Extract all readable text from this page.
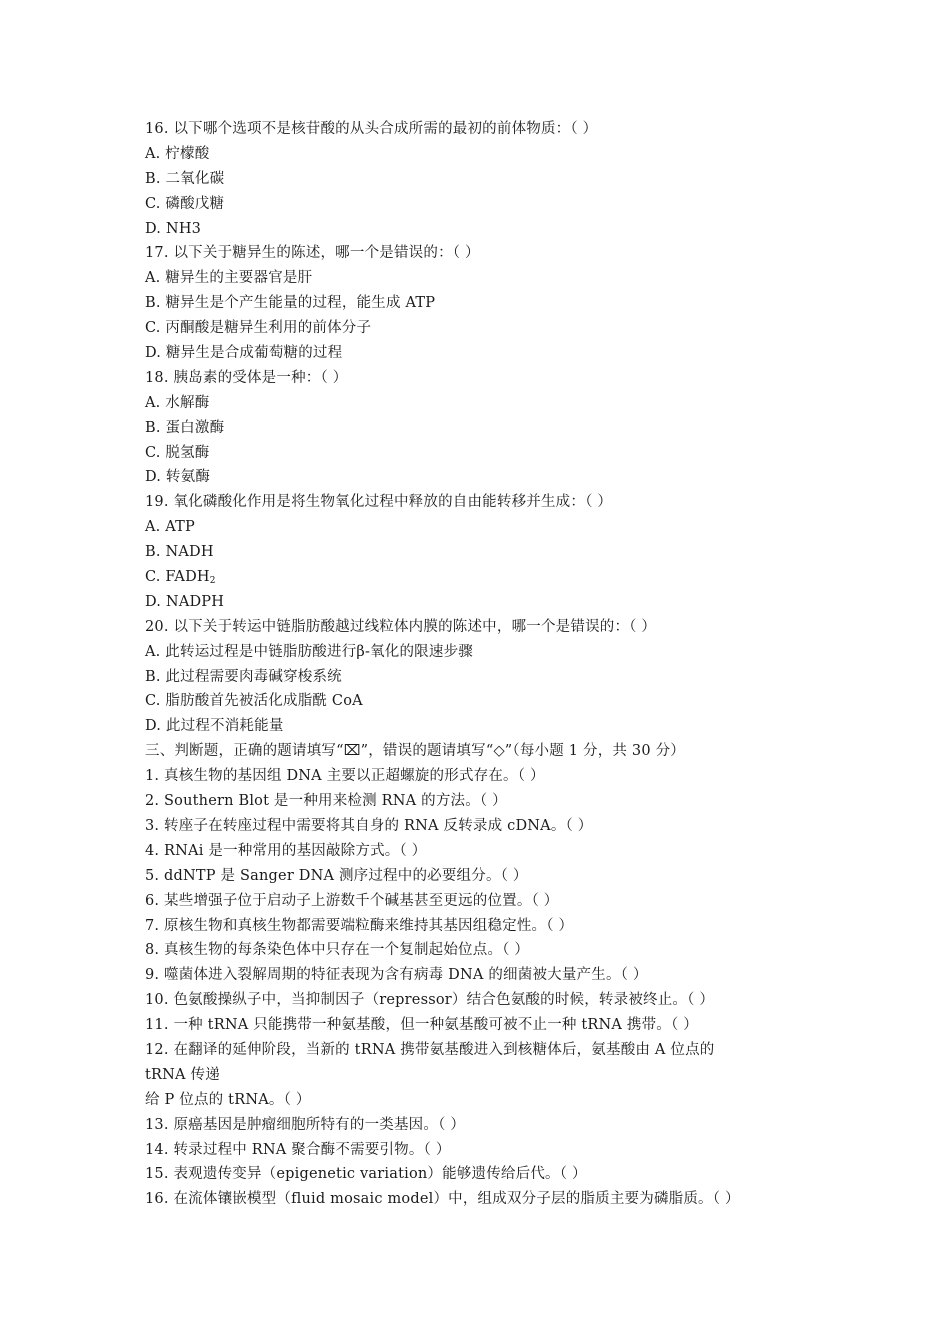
16. 以下哪个选项不是核苷酸的从头合成所需的最初的前体物质：（ ）
A. 柠檬酸
B. 二氧化碳
C. 磷酸戊糖
D. NH3
17. 以下关于糖异生的陈述，哪一个是错误的：（ ）
A. 糖异生的主要器官是肝
B. 糖异生是个产生能量的过程，能生成 ATP
C. 丙酮酸是糖异生利用的前体分子
D. 糖异生是合成葡萄糖的过程
18. 胰岛素的受体是一种：（ ）
A. 水解酶
B. 蛋白激酶
C. 脱氢酶
D. 转氨酶
19. 氧化磷酸化作用是将生物氧化过程中释放的自由能转移并生成：（ ）
A. ATP
B. NADH
C. $FADH_2$
D. NADPH
20. 以下关于转运中链脂肪酸越过线粒体内膜的陈述中，哪一个是错误的：（ ）
A. 此转运过程是中链脂肪酸进行β-氧化的限速步骤
B. 此过程需要肉毒碱穿梭系统
C. 脂肪酸首先被活化成脂酰 CoA
D. 此过程不消耗能量
三、判断题，正确的题请填写“⌧”，错误的题请填写“◇”（每小题 1 分，共 30 分）
1. 真核生物的基因组 DNA 主要以正超螺旋的形式存在。（ ）
2. Southern Blot 是一种用来检测 RNA 的方法。（ ）
3. 转座子在转座过程中需要将其自身的 RNA 反转录成 cDNA。（ ）
4. RNAi 是一种常用的基因敲除方式。（ ）
5. ddNTP 是 Sanger DNA 测序过程中的必要组分。（ ）
6. 某些增强子位于启动子上游数千个碱基甚至更远的位置。（ ）
7. 原核生物和真核生物都需要端粒酶来维持其基因组稳定性。（ ）
8. 真核生物的每条染色体中只存在一个复制起始位点。（ ）
9. 噬菌体进入裂解周期的特征表现为含有病毒 DNA 的细菌被大量产生。（ ）
10. 色氨酸操纵子中，当抑制因子（repressor）结合色氨酸的时候，转录被终止。（ ）
11. 一种 tRNA 只能携带一种氨基酸，但一种氨基酸可被不止一种 tRNA 携带。（ ）
12. 在翻译的延伸阶段，当新的 tRNA 携带氨基酸进入到核糖体后，氨基酸由 A 位点的
tRNA 传递
给 P 位点的 tRNA。（ ）
13. 原癌基因是肿瘤细胞所特有的一类基因。（ ）
14. 转录过程中 RNA 聚合酶不需要引物。（ ）
15. 表观遗传变异（epigenetic variation）能够遗传给后代。（ ）
16. 在流体镶嵌模型（fluid mosaic model）中，组成双分子层的脂质主要为磷脂质。（ ）
